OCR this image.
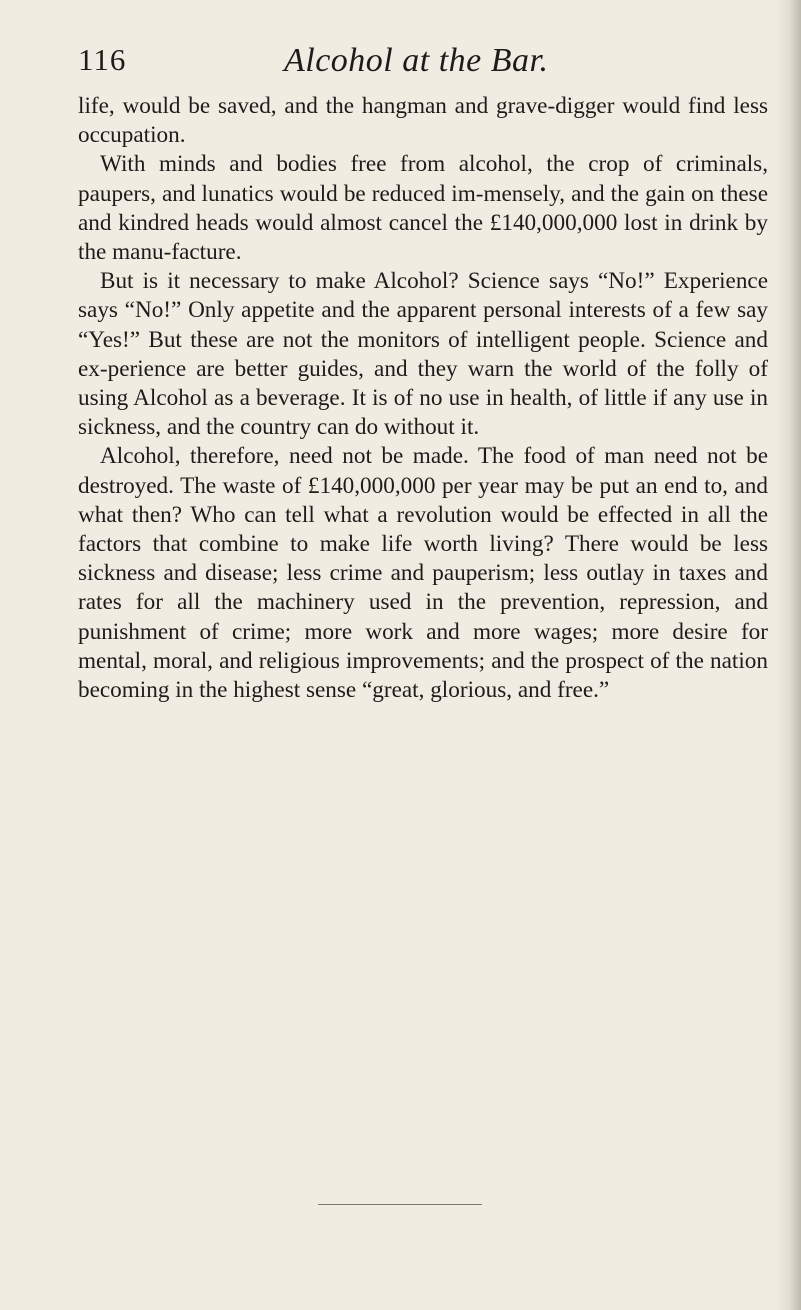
116	Alcohol at the Bar.

life, would be saved, and the hangman and grave-digger would find less occupation.

With minds and bodies free from alcohol, the crop of criminals, paupers, and lunatics would be reduced im-mensely, and the gain on these and kindred heads would almost cancel the £140,000,000 lost in drink by the manu-facture.

But is it necessary to make Alcohol? Science says “No!” Experience says “No!” Only appetite and the apparent personal interests of a few say “Yes!” But these are not the monitors of intelligent people. Science and ex-perience are better guides, and they warn the world of the folly of using Alcohol as a beverage. It is of no use in health, of little if any use in sickness, and the country can do without it.

Alcohol, therefore, need not be made. The food of man need not be destroyed. The waste of £140,000,000 per year may be put an end to, and what then? Who can tell what a revolution would be effected in all the factors that combine to make life worth living? There would be less sickness and disease; less crime and pauperism; less outlay in taxes and rates for all the machinery used in the prevention, repression, and punishment of crime; more work and more wages; more desire for mental, moral, and religious improvements; and the prospect of the nation becoming in the highest sense “great, glorious, and free.”
